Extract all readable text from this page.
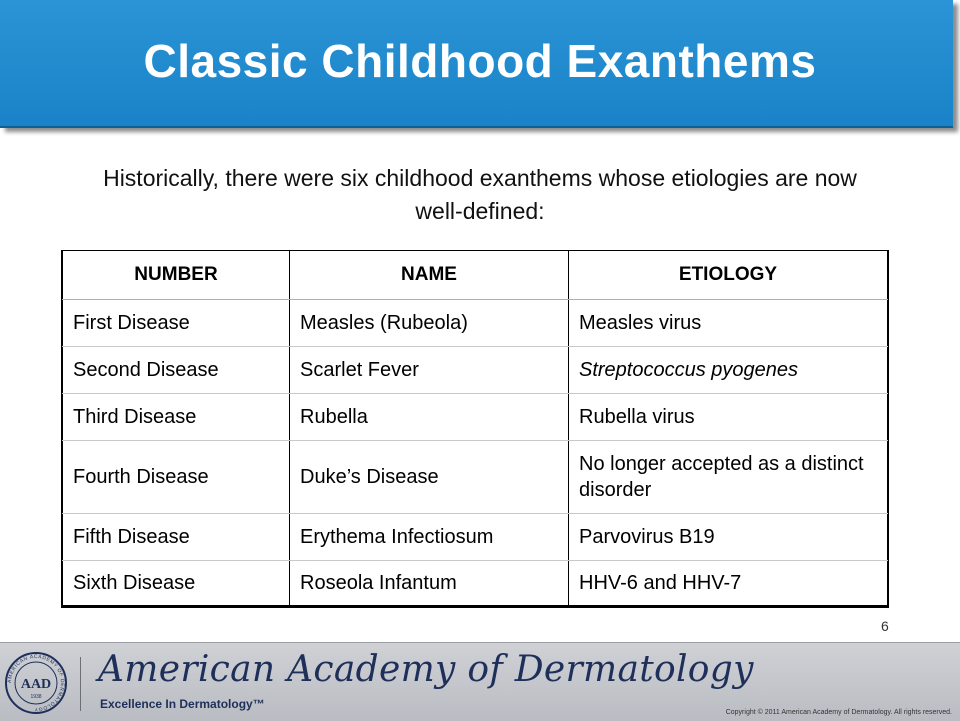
Classic Childhood Exanthems

Historically, there were six childhood exanthems whose etiologies are now well-defined:

NUMBER	NAME	ETIOLOGY
First Disease	Measles (Rubeola)	Measles virus
Second Disease	Scarlet Fever	Streptococcus pyogenes
Third Disease	Rubella	Rubella virus
Fourth Disease	Duke’s Disease	No longer accepted as a distinct disorder
Fifth Disease	Erythema Infectiosum	Parvovirus B19
Sixth Disease	Roseola Infantum	HHV-6 and HHV-7
6
AMERICAN ACADEMY OF DERMATOLOGY
AAD
1938
American Academy of Dermatology
Excellence In Dermatology™
Copyright © 2011 American Academy of Dermatology. All rights reserved.
